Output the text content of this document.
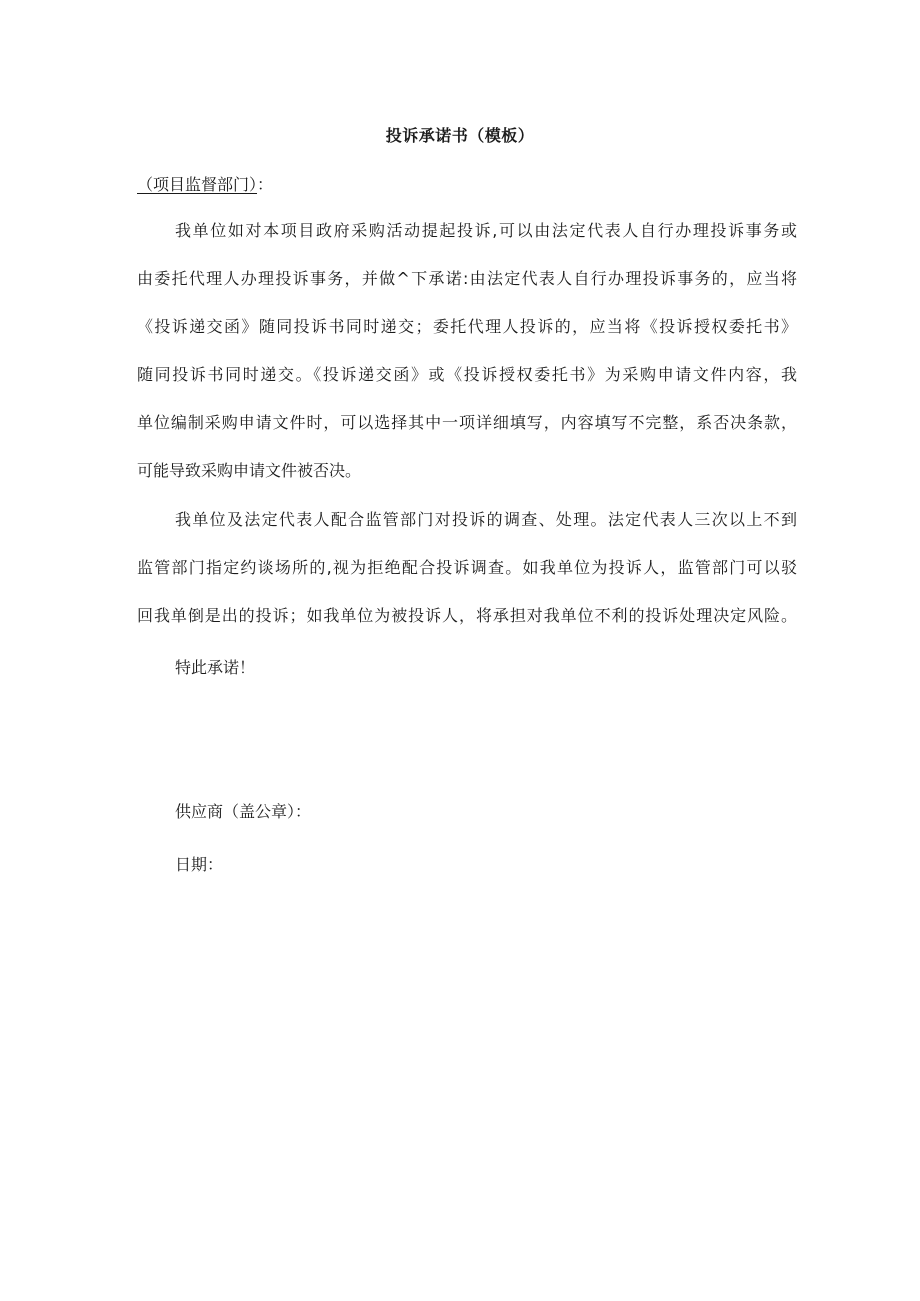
投诉承诺书（模板）
（项目监督部门）：

我单位如对本项目政府采购活动提起投诉,可以由法定代表人自行办理投诉事务或
由委托代理人办理投诉事务，并做^下承诺:由法定代表人自行办理投诉事务的，应当将
《投诉递交函》随同投诉书同时递交；委托代理人投诉的，应当将《投诉授权委托书》
随同投诉书同时递交。《投诉递交函》或《投诉授权委托书》为采购申请文件内容，我
单位编制采购申请文件时，可以选择其中一项详细填写，内容填写不完整，系否决条款，
可能导致采购申请文件被否决。

我单位及法定代表人配合监管部门对投诉的调查、处理。法定代表人三次以上不到
监管部门指定约谈场所的,视为拒绝配合投诉调查。如我单位为投诉人，监管部门可以驳
回我单倒是出的投诉；如我单位为被投诉人，将承担对我单位不利的投诉处理决定风险。

特此承诺！
供应商（盖公章）：
日期：
